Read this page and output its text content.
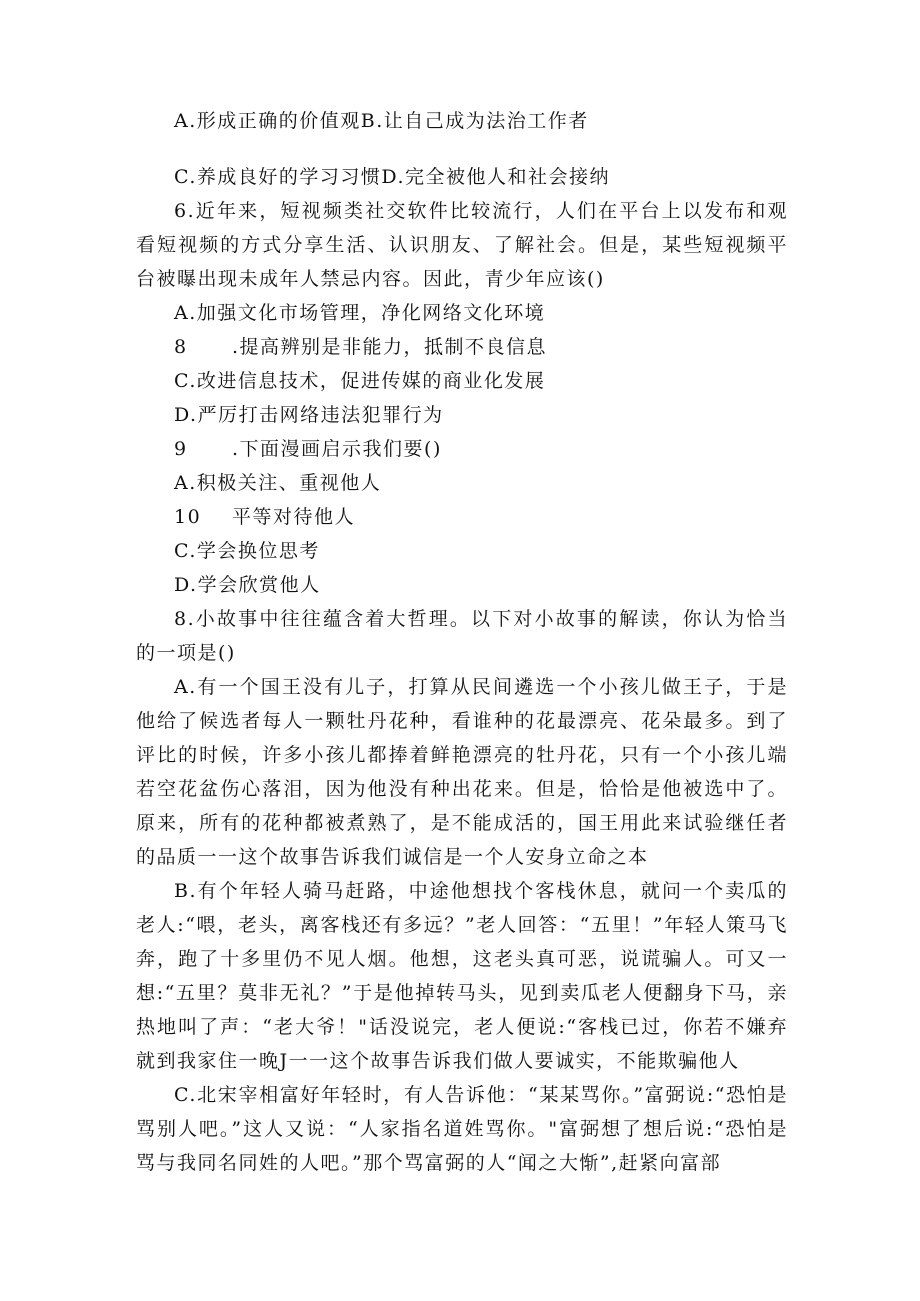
A.形成正确的价值观B.让自己成为法治工作者

C.养成良好的学习习惯D.完全被他人和社会接纳

6.近年来，短视频类社交软件比较流行，人们在平台上以发布和观看短视频的方式分享生活、认识朋友、了解社会。但是，某些短视频平台被曝出现未成年人禁忌内容。因此，青少年应该()

A.加强文化市场管理，净化网络文化环境

8 .提高辨别是非能力，抵制不良信息

C.改进信息技术，促进传媒的商业化发展

D.严厉打击网络违法犯罪行为

9 .下面漫画启示我们要()

A.积极关注、重视他人

10 平等对待他人

C.学会换位思考

D.学会欣赏他人

8.小故事中往往蕴含着大哲理。以下对小故事的解读，你认为恰当的一项是()

A.有一个国王没有儿子，打算从民间遴选一个小孩儿做王子，于是他给了候选者每人一颗牡丹花种，看谁种的花最漂亮、花朵最多。到了评比的时候，许多小孩儿都捧着鲜艳漂亮的牡丹花，只有一个小孩儿端若空花盆伤心落泪，因为他没有种出花来。但是，恰恰是他被选中了。原来，所有的花种都被煮熟了，是不能成活的，国王用此来试验继任者的品质一一这个故事告诉我们诚信是一个人安身立命之本

B.有个年轻人骑马赶路，中途他想找个客栈休息，就问一个卖瓜的老人:“喂，老头，离客栈还有多远？”老人回答：“五里！”年轻人策马飞奔，跑了十多里仍不见人烟。他想，这老头真可恶，说谎骗人。可又一想:“五里？莫非无礼？”于是他掉转马头，见到卖瓜老人便翻身下马，亲热地叫了声：“老大爷！"话没说完，老人便说:“客栈已过，你若不嫌弃就到我家住一晚J一一这个故事告诉我们做人要诚实，不能欺骗他人

C.北宋宰相富好年轻时，有人告诉他：“某某骂你。”富弼说:“恐怕是骂别人吧。”这人又说：“人家指名道姓骂你。"富弼想了想后说:“恐怕是骂与我同名同姓的人吧。”那个骂富弼的人“闻之大惭”,赶紧向富部
